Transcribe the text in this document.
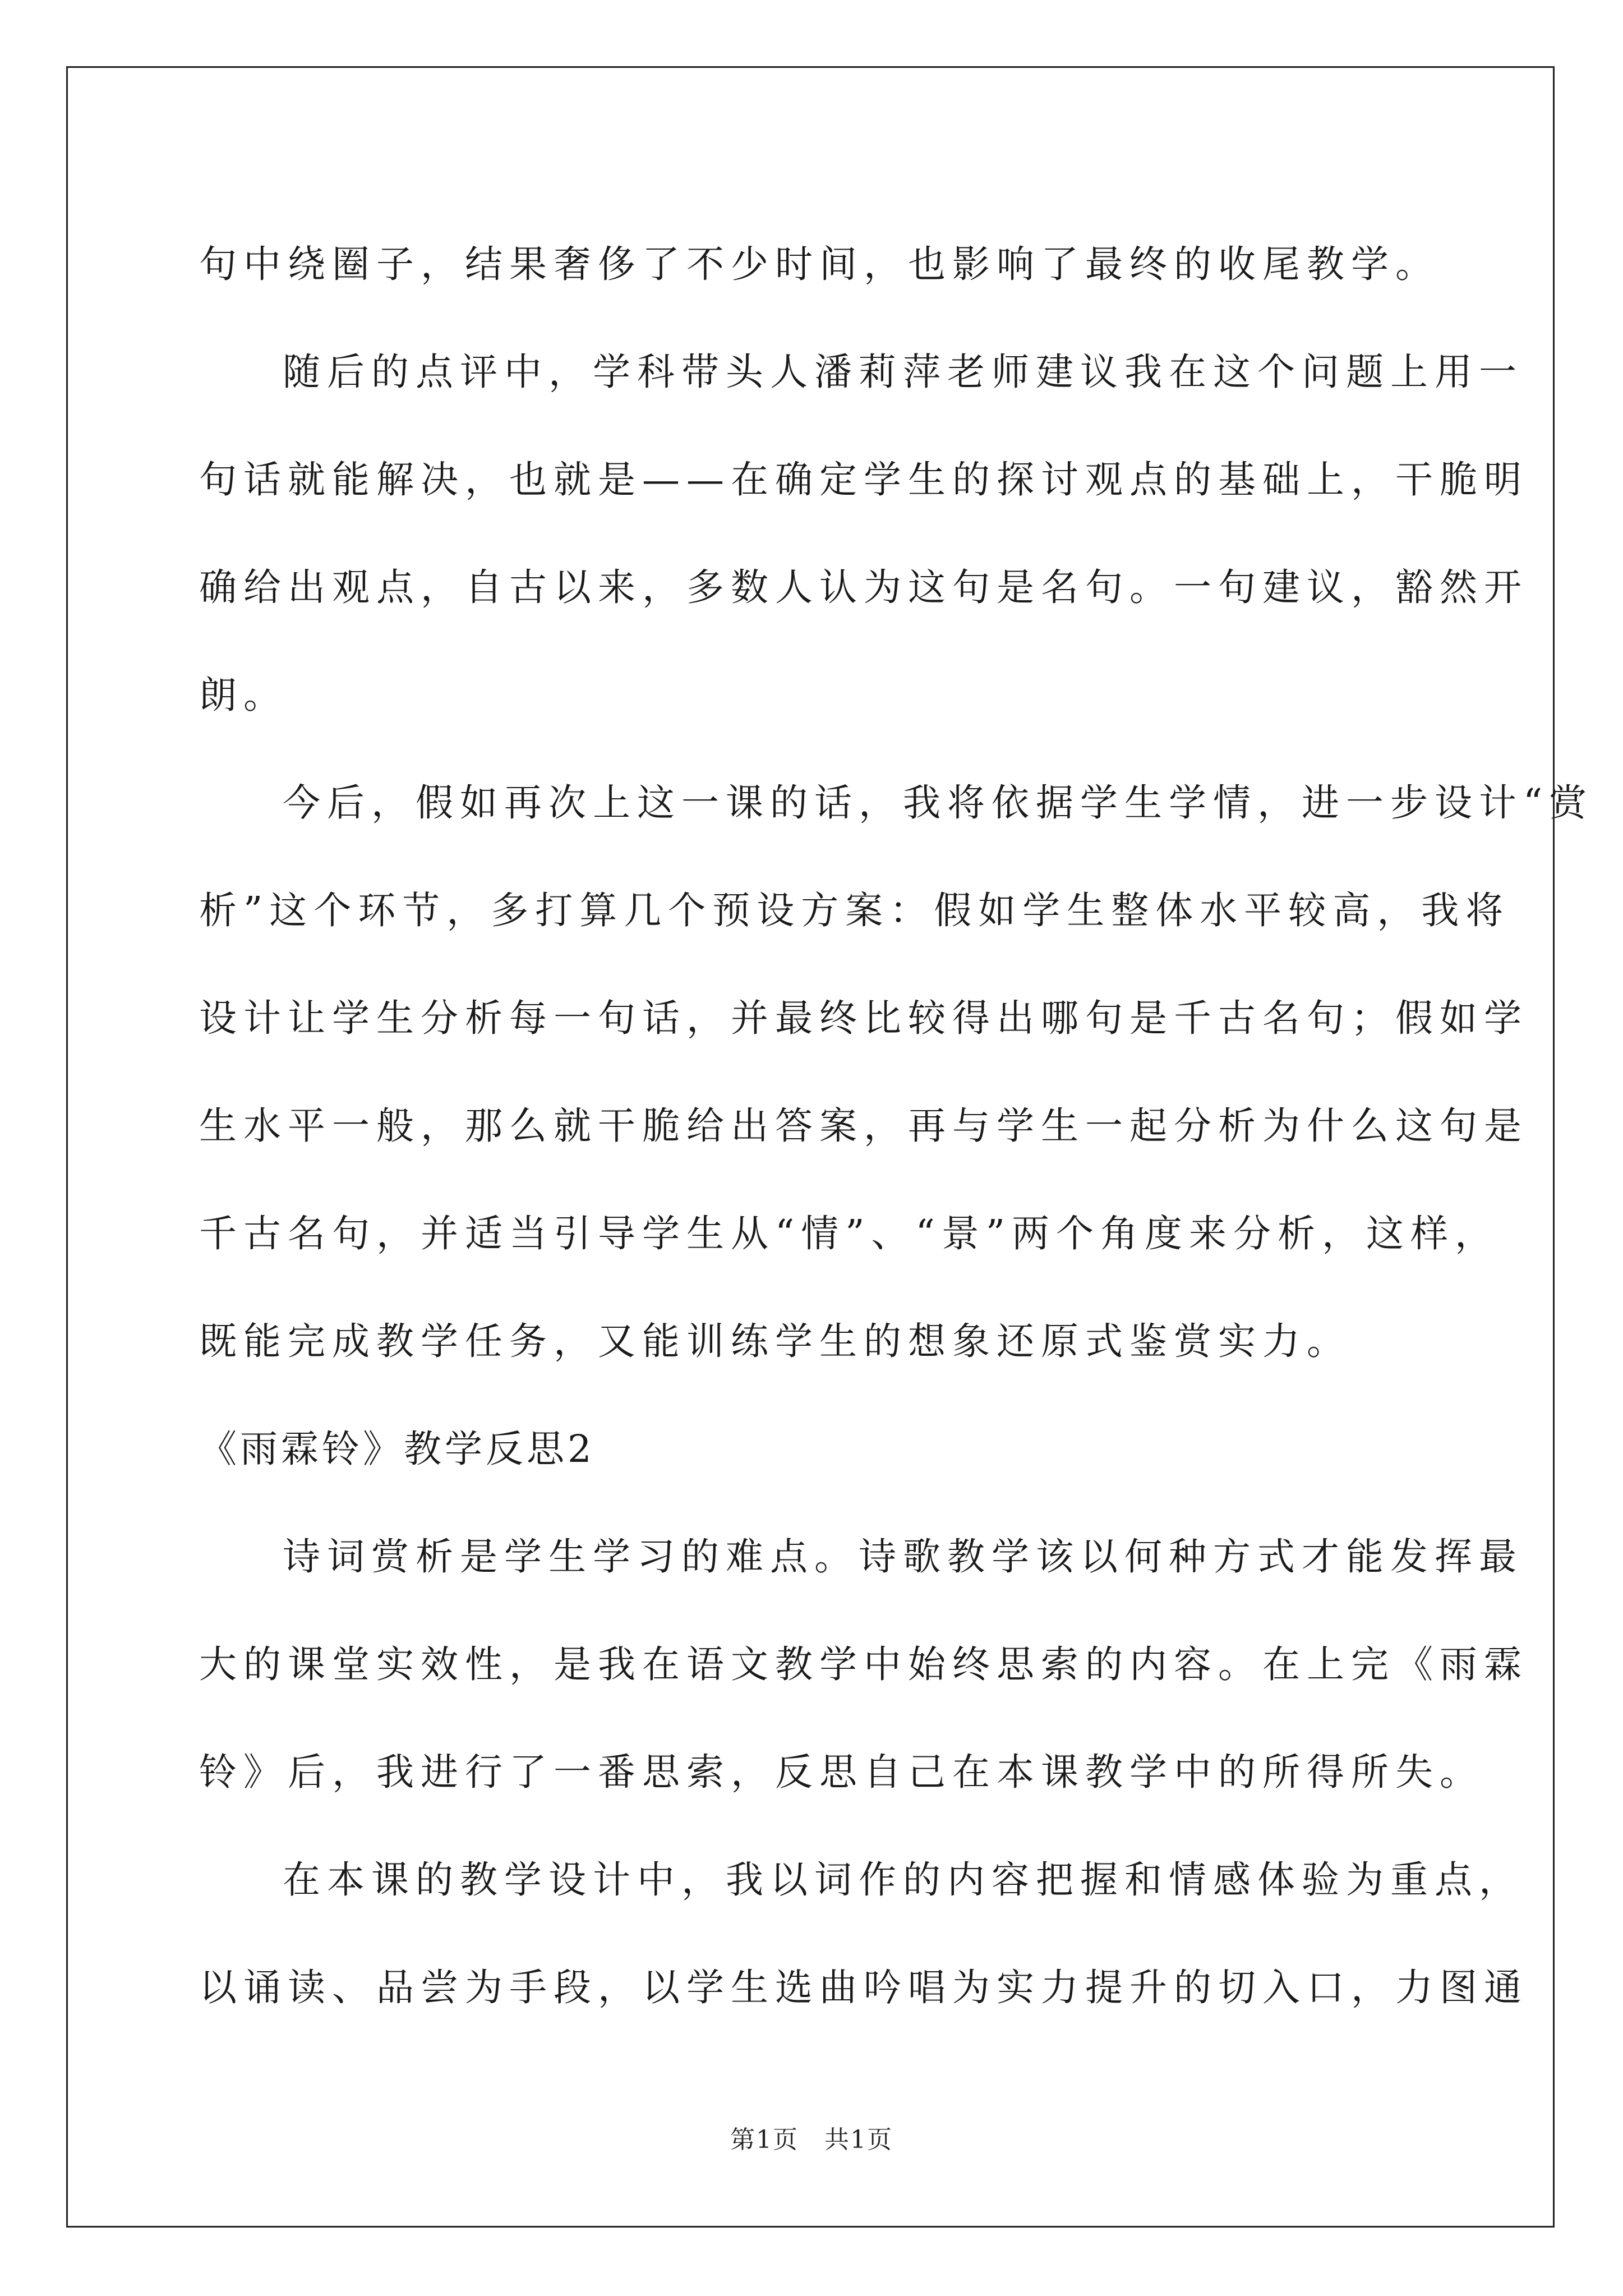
句中绕圈子，结果奢侈了不少时间，也影响了最终的收尾教学。
随后的点评中，学科带头人潘莉萍老师建议我在这个问题上用一
句话就能解决，也就是——在确定学生的探讨观点的基础上，干脆明
确给出观点，自古以来，多数人认为这句是名句。一句建议，豁然开
朗。
今后，假如再次上这一课的话，我将依据学生学情，进一步设计“赏
析”这个环节，多打算几个预设方案：假如学生整体水平较高，我将
设计让学生分析每一句话，并最终比较得出哪句是千古名句；假如学
生水平一般，那么就干脆给出答案，再与学生一起分析为什么这句是
千古名句，并适当引导学生从“情”、“景”两个角度来分析，这样，
既能完成教学任务，又能训练学生的想象还原式鉴赏实力。
《雨霖铃》教学反思2
诗词赏析是学生学习的难点。诗歌教学该以何种方式才能发挥最
大的课堂实效性，是我在语文教学中始终思索的内容。在上完《雨霖
铃》后，我进行了一番思索，反思自己在本课教学中的所得所失。
在本课的教学设计中，我以词作的内容把握和情感体验为重点，
以诵读、品尝为手段，以学生选曲吟唱为实力提升的切入口，力图通
第1页　共1页
